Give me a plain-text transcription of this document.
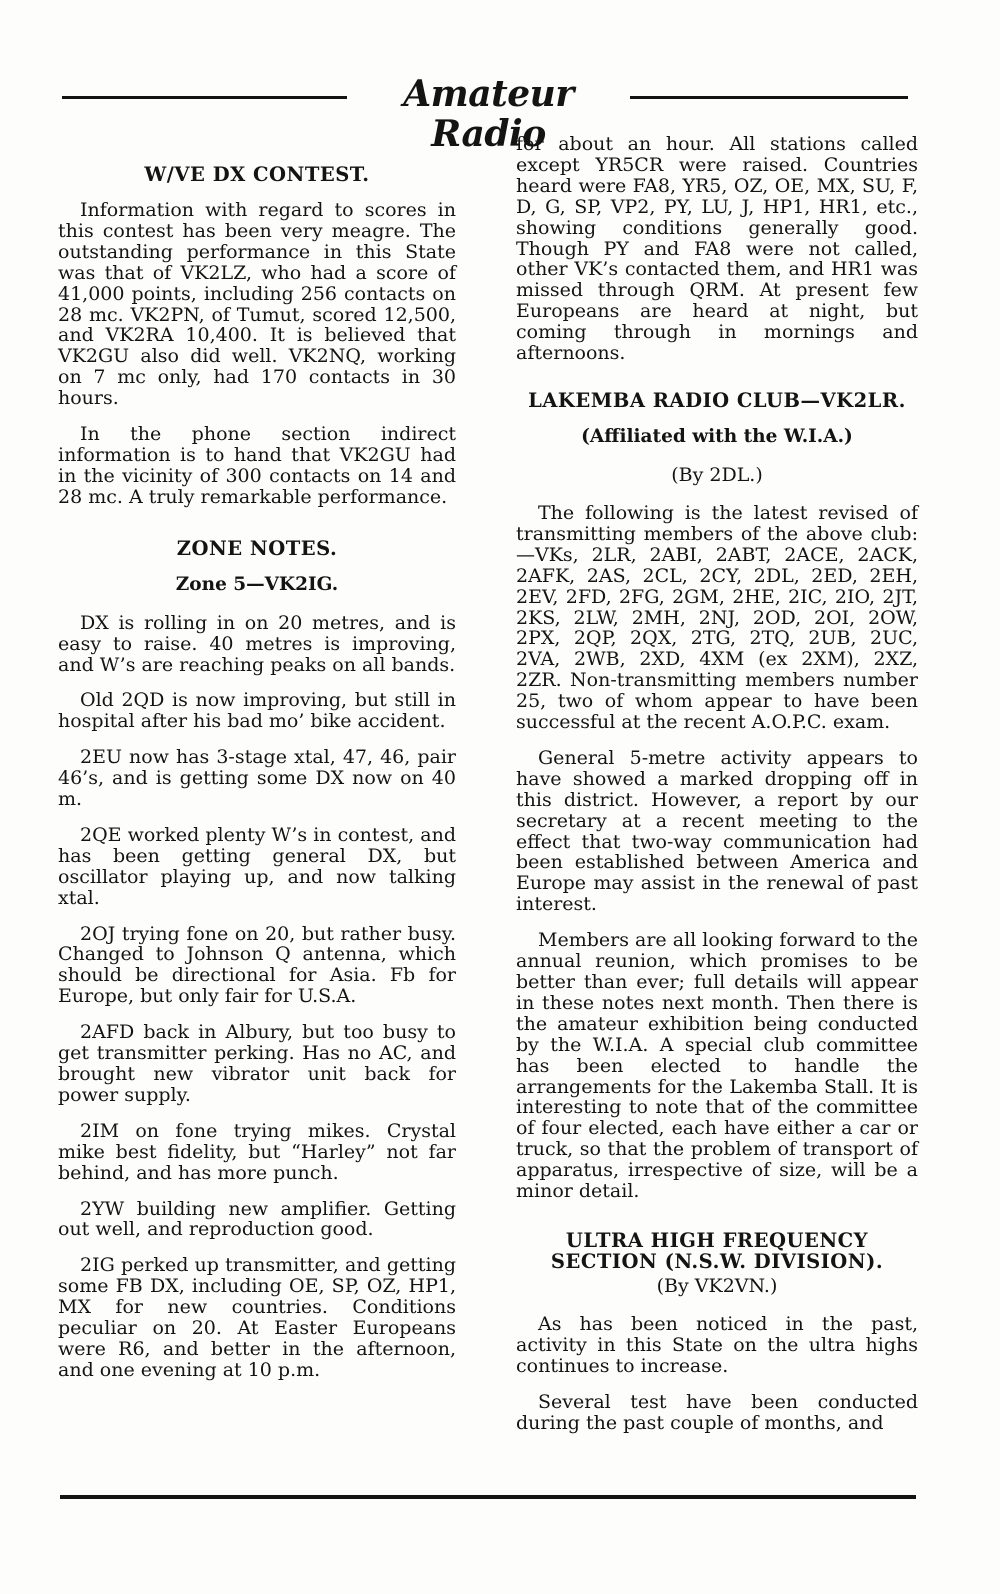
Amateur Radio
W/VE DX CONTEST.

Information with regard to scores in this contest has been very meagre. The outstanding performance in this State was that of VK2LZ, who had a score of 41,000 points, including 256 contacts on 28 mc. VK2PN, of Tumut, scored 12,500, and VK2RA 10,400. It is believed that VK2GU also did well. VK2NQ, working on 7 mc only, had 170 contacts in 30 hours.

In the phone section indirect information is to hand that VK2GU had in the vicinity of 300 contacts on 14 and 28 mc. A truly remarkable performance.

ZONE NOTES.
Zone 5—VK2IG.

DX is rolling in on 20 metres, and is easy to raise. 40 metres is improving, and W’s are reaching peaks on all bands.

Old 2QD is now improving, but still in hospital after his bad mo’ bike accident.

2EU now has 3-stage xtal, 47, 46, pair 46’s, and is getting some DX now on 40 m.

2QE worked plenty W’s in contest, and has been getting general DX, but oscillator playing up, and now talking xtal.

2OJ trying fone on 20, but rather busy. Changed to Johnson Q antenna, which should be directional for Asia. Fb for Europe, but only fair for U.S.A.

2AFD back in Albury, but too busy to get transmitter perking. Has no AC, and brought new vibrator unit back for power supply.

2IM on fone trying mikes. Crystal mike best fidelity, but “Harley” not far behind, and has more punch.

2YW building new amplifier. Getting out well, and reproduction good.

2IG perked up transmitter, and getting some FB DX, including OE, SP, OZ, HP1, MX for new countries. Conditions peculiar on 20. At Easter Europeans were R6, and better in the afternoon, and one evening at 10 p.m.

for about an hour. All stations called except YR5CR were raised. Countries heard were FA8, YR5, OZ, OE, MX, SU, F, D, G, SP, VP2, PY, LU, J, HP1, HR1, etc., showing conditions generally good. Though PY and FA8 were not called, other VK’s contacted them, and HR1 was missed through QRM. At present few Europeans are heard at night, but coming through in mornings and afternoons.

LAKEMBA RADIO CLUB—VK2LR.
(Affiliated with the W.I.A.)
(By 2DL.)

The following is the latest revised of transmitting members of the above club:—VKs, 2LR, 2ABI, 2ABT, 2ACE, 2ACK, 2AFK, 2AS, 2CL, 2CY, 2DL, 2ED, 2EH, 2EV, 2FD, 2FG, 2GM, 2HE, 2IC, 2IO, 2JT, 2KS, 2LW, 2MH, 2NJ, 2OD, 2OI, 2OW, 2PX, 2QP, 2QX, 2TG, 2TQ, 2UB, 2UC, 2VA, 2WB, 2XD, 4XM (ex 2XM), 2XZ, 2ZR. Non-transmitting members number 25, two of whom appear to have been successful at the recent A.O.P.C. exam.

General 5-metre activity appears to have showed a marked dropping off in this district. However, a report by our secretary at a recent meeting to the effect that two-way communication had been established between America and Europe may assist in the renewal of past interest.

Members are all looking forward to the annual reunion, which promises to be better than ever; full details will appear in these notes next month. Then there is the amateur exhibition being conducted by the W.I.A. A special club committee has been elected to handle the arrangements for the Lakemba Stall. It is interesting to note that of the committee of four elected, each have either a car or truck, so that the problem of transport of apparatus, irrespective of size, will be a minor detail.

ULTRA HIGH FREQUENCY SECTION (N.S.W. DIVISION).
(By VK2VN.)

As has been noticed in the past, activity in this State on the ultra highs continues to increase.

Several test have been conducted during the past couple of months, and
